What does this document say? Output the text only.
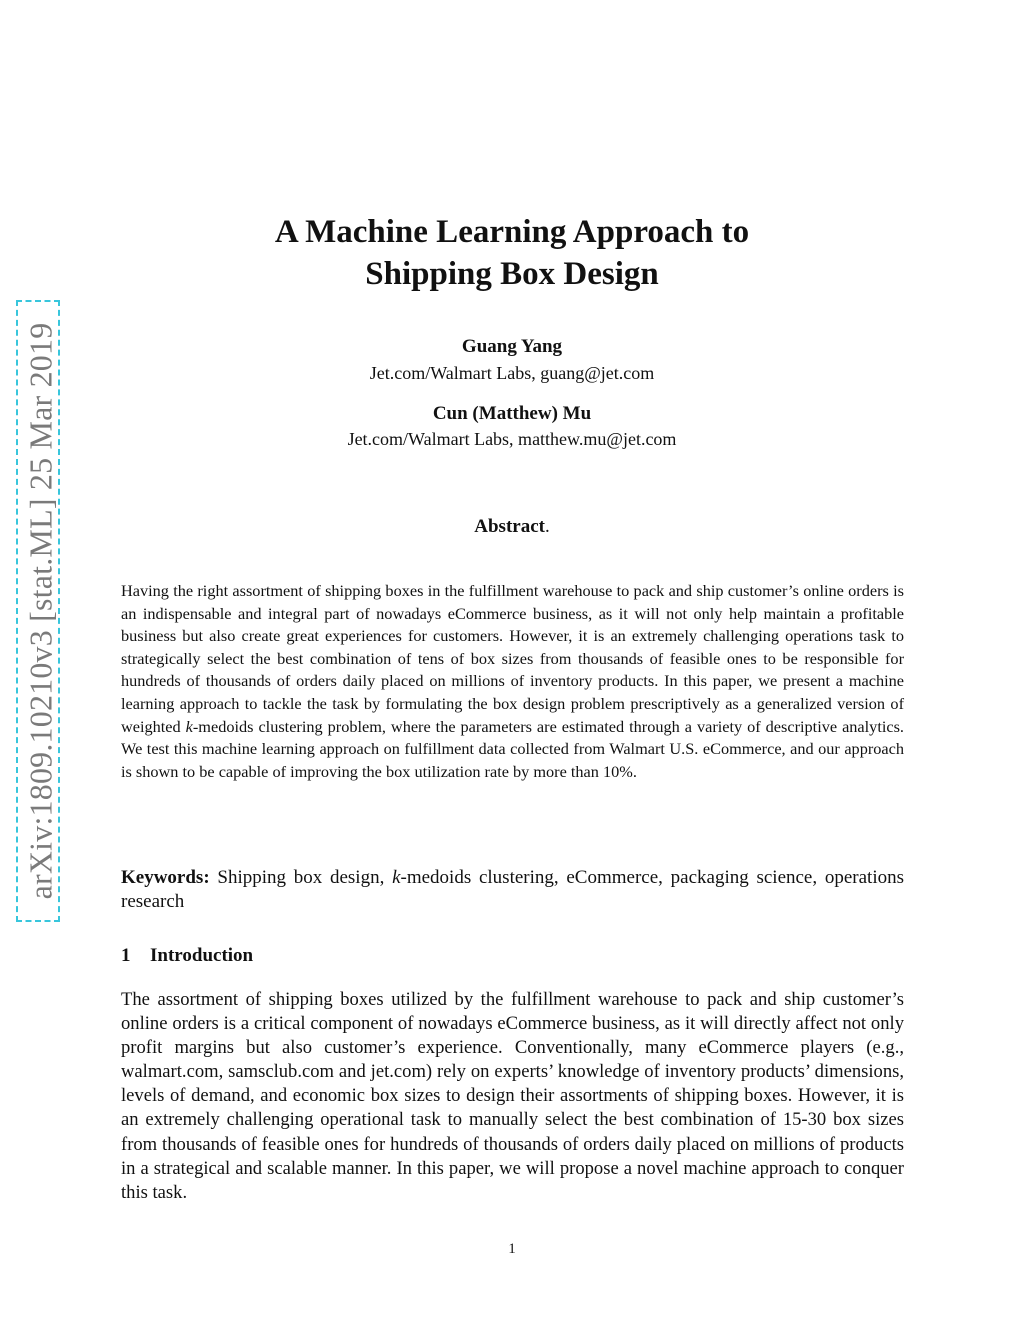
arXiv:1809.10210v3 [stat.ML] 25 Mar 2019
A Machine Learning Approach to
Shipping Box Design
Guang Yang
Jet.com/Walmart Labs, guang@jet.com
Cun (Matthew) Mu
Jet.com/Walmart Labs, matthew.mu@jet.com
Abstract.
Having the right assortment of shipping boxes in the fulfillment warehouse to pack and ship customer’s online orders is an indispensable and integral part of nowadays eCommerce business, as it will not only help maintain a profitable business but also create great experiences for customers. However, it is an extremely challenging operations task to strategically select the best combination of tens of box sizes from thousands of feasible ones to be responsible for hundreds of thousands of orders daily placed on millions of inventory products. In this paper, we present a machine learning approach to tackle the task by formulating the box design problem prescriptively as a generalized version of weighted k-medoids clustering problem, where the parameters are estimated through a variety of descriptive analytics. We test this machine learning approach on fulfillment data collected from Walmart U.S. eCommerce, and our approach is shown to be capable of improving the box utilization rate by more than 10%.
Keywords: Shipping box design, k-medoids clustering, eCommerce, packaging science, operations research
1 Introduction
The assortment of shipping boxes utilized by the fulfillment warehouse to pack and ship customer’s online orders is a critical component of nowadays eCommerce business, as it will directly affect not only profit margins but also customer’s experience. Conventionally, many eCommerce players (e.g., walmart.com, samsclub.com and jet.com) rely on experts’ knowledge of inventory products’ dimensions, levels of demand, and economic box sizes to design their assortments of shipping boxes. However, it is an extremely challenging operational task to manually select the best combination of 15-30 box sizes from thousands of feasible ones for hundreds of thousands of orders daily placed on millions of products in a strategical and scalable manner. In this paper, we will propose a novel machine approach to conquer this task.
1
